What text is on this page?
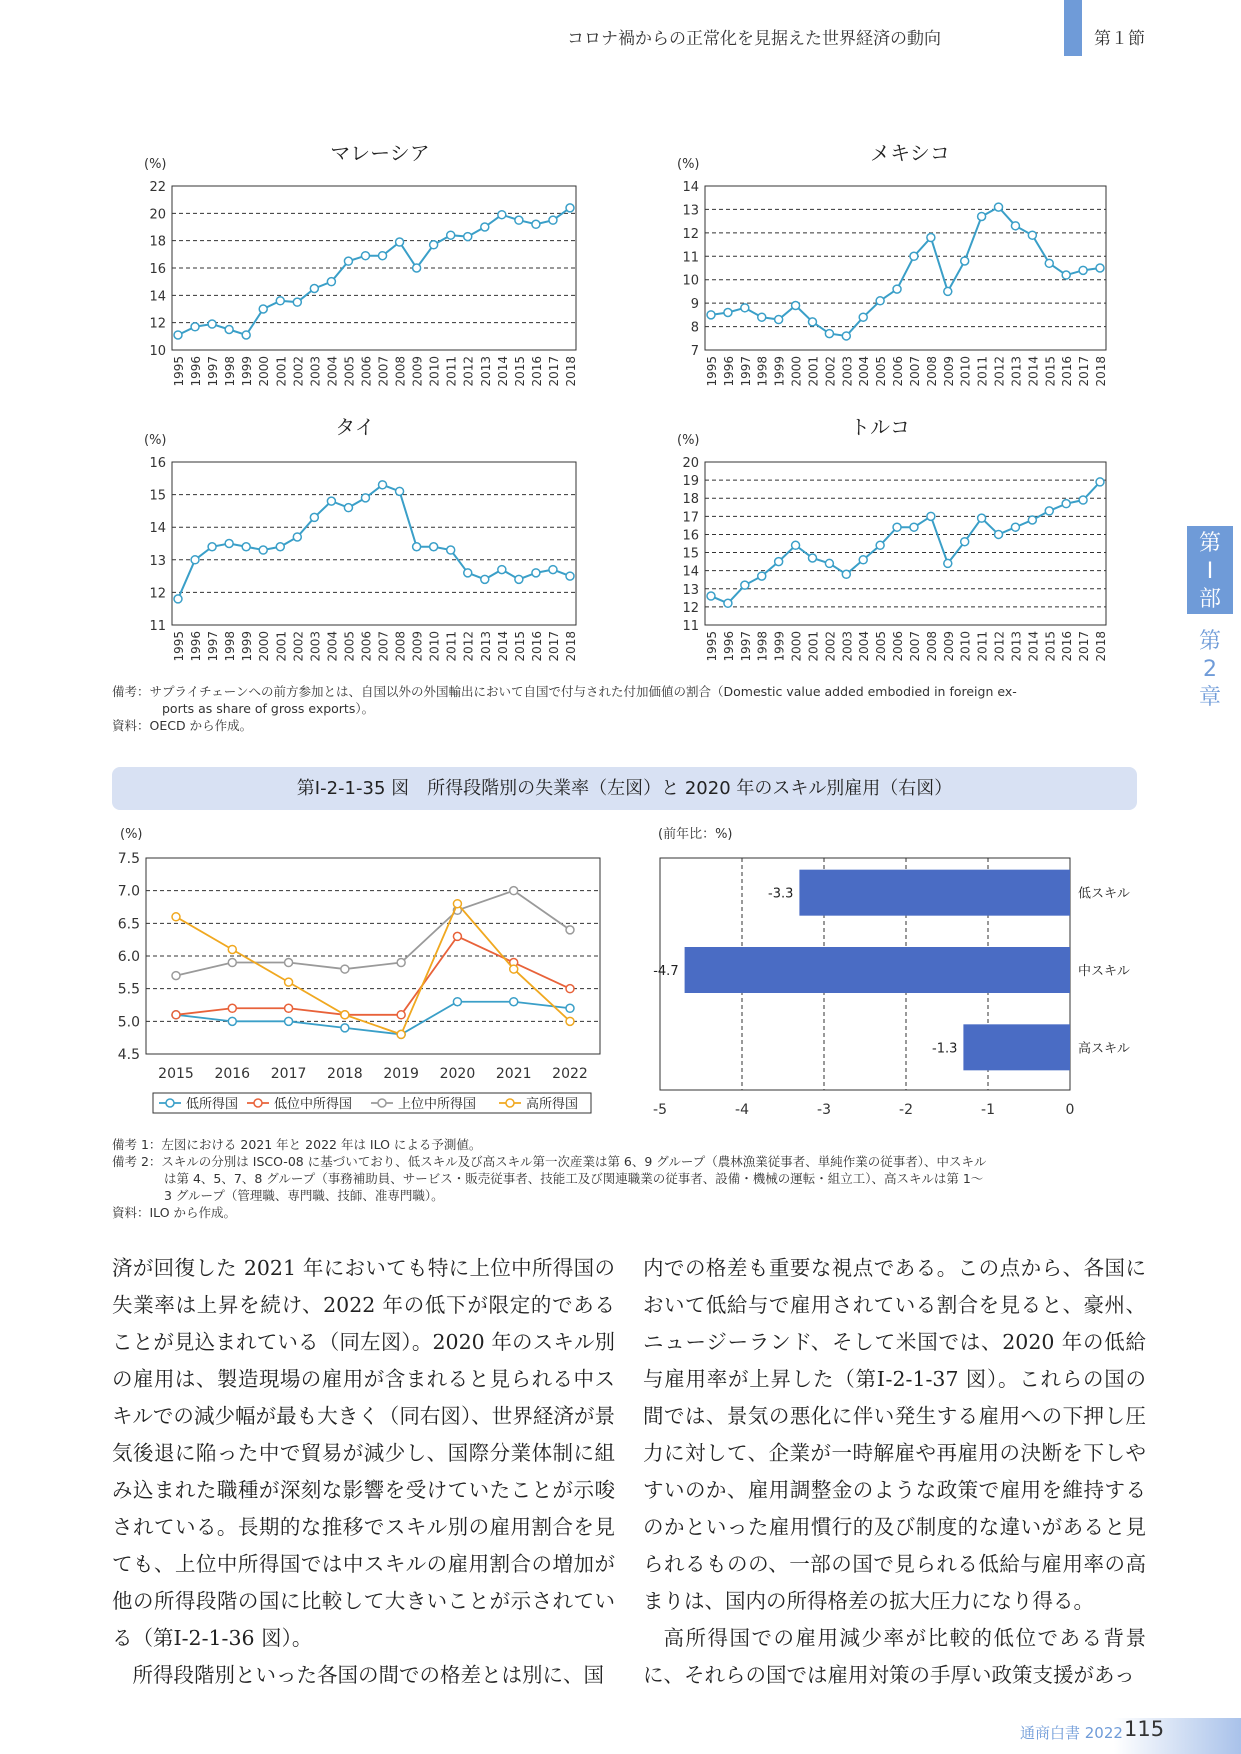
コロナ禍からの正常化を見据えた世界経済の動向	第１節
第
Ⅰ
部
第
2
章
マレーシア
(%)
10
12
14
16
18
20
22
1995 1996 1997 1998 1999 2000 2001 2002 2003 2004 2005 2006 2007 2008 2009 2010 2011 2012 2013 2014 2015 2016 2017 2018
メキシコ
(%)
7
8
9
10
11
12
13
14
1995 1996 1997 1998 1999 2000 2001 2002 2003 2004 2005 2006 2007 2008 2009 2010 2011 2012 2013 2014 2015 2016 2017 2018
タイ
(%)
11
12
13
14
15
16
1995 1996 1997 1998 1999 2000 2001 2002 2003 2004 2005 2006 2007 2008 2009 2010 2011 2012 2013 2014 2015 2016 2017 2018
トルコ
(%)
11
12
13
14
15
16
17
18
19
20
1995 1996 1997 1998 1999 2000 2001 2002 2003 2004 2005 2006 2007 2008 2009 2010 2011 2012 2013 2014 2015 2016 2017 2018
(%)
4.5
5.0
5.5
6.0
6.5
7.0
7.5
2015 2016 2017 2018 2019 2020 2021 2022
低所得国	低位中所得国	上位中所得国	高所得国
(前年比：%)
-5	-4	-3	-2	-1	0
-3.3	低スキル
-4.7	中スキル
-1.3	高スキル
備考：サプライチェーンへの前方参加とは、自国以外の外国輸出において自国で付与された付加価値の割合（Domestic value added embodied in foreign ex-
ports as share of gross exports）。
資料：OECD から作成。
第Ⅰ-2-1-35 図　所得段階別の失業率（左図）と 2020 年のスキル別雇用（右図）
備考 1：左図における 2021 年と 2022 年は ILO による予測値。
備考 2：スキルの分別は ISCO-08 に基づいており、低スキル及び高スキル第一次産業は第 6、9 グループ（農林漁業従事者、単純作業の従事者）、中スキル
は第 4、5、7、8 グループ（事務補助員、サービス・販売従事者、技能工及び関連職業の従事者、設備・機械の運転・組立工）、高スキルは第 1〜
3 グループ（管理職、専門職、技師、准専門職）。
資料：ILO から作成。

済が回復した 2021 年においても特に上位中所得国の失業率は上昇を続け、2022 年の低下が限定的であることが見込まれている（同左図）。2020 年のスキル別の雇用は、製造現場の雇用が含まれると見られる中スキルでの減少幅が最も大きく（同右図）、世界経済が景気後退に陥った中で貿易が減少し、国際分業体制に組み込まれた職種が深刻な影響を受けていたことが示唆されている。長期的な推移でスキル別の雇用割合を見ても、上位中所得国では中スキルの雇用割合の増加が他の所得段階の国に比較して大きいことが示されている（第Ⅰ-2-1-36 図）。

所得段階別といった各国の間での格差とは別に、国

内での格差も重要な視点である。この点から、各国において低給与で雇用されている割合を見ると、豪州、ニュージーランド、そして米国では、2020 年の低給与雇用率が上昇した（第Ⅰ-2-1-37 図）。これらの国の間では、景気の悪化に伴い発生する雇用への下押し圧力に対して、企業が一時解雇や再雇用の決断を下しやすいのか、雇用調整金のような政策で雇用を維持するのかといった雇用慣行的及び制度的な違いがあると見られるものの、一部の国で見られる低給与雇用率の高まりは、国内の所得格差の拡大圧力になり得る。

高所得国での雇用減少率が比較的低位である背景に、それらの国では雇用対策の手厚い政策支援があっ

通商白書 2022 115
